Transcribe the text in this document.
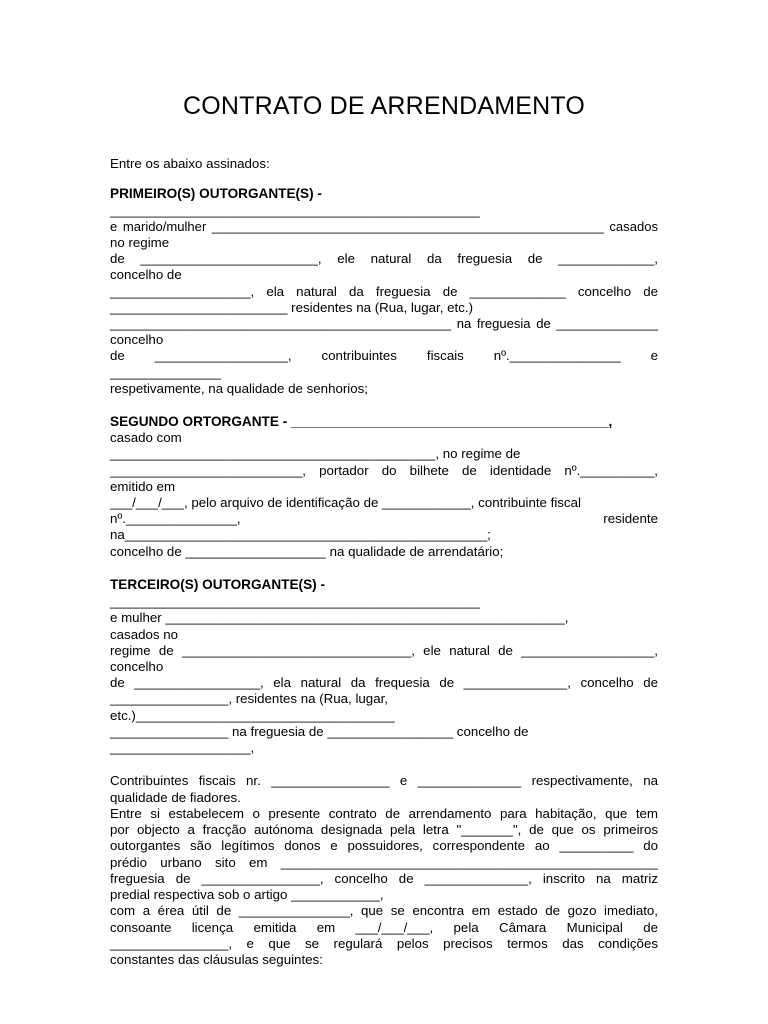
CONTRATO DE ARRENDAMENTO
Entre os abaixo assinados:
PRIMEIRO(S) OUTORGANTE(S) -
__________________________________________________
e marido/mulher ______________________________________________________ casados
no regime
de ________________________, ele natural da freguesia de _____________,
concelho de
___________________, ela natural da freguesia de _____________ concelho de
________________________ residentes na (Rua, lugar, etc.)
_______________________________________________ na freguesia de ______________
concelho
de __________________, contribuintes fiscais nº._______________ e
_______________
respetivamente, na qualidade de senhorios;
SEGUNDO ORTORGANTE - __________________________________________,
casado com
____________________________________________, no regime de
__________________________, portador do bilhete de identidade nº.__________,
emitido em
___/___/___, pelo arquivo de identificação de ____________, contribuinte fiscal
nº._______________, residente
na_________________________________________________;
concelho de ___________________ na qualidade de arrendatário;
TERCEIRO(S) OUTORGANTE(S) -
__________________________________________________
e mulher ______________________________________________________,
casados no
regime de _______________________________, ele natural de __________________,
concelho
de _________________, ela natural da frequesia de ______________, concelho de
________________, residentes na (Rua, lugar,
etc.)___________________________________
________________ na freguesia de _________________ concelho de
___________________,
Contribuintes fiscais nr. ________________ e ______________ respectivamente, na
qualidade de fiadores.
Entre si estabelecem o presente contrato de arrendamento para habitação, que tem
por objecto a fracção autónoma designada pela letra "_______", de que os primeiros
outorgantes são legítimos donos e possuidores, correspondente ao __________ do
prédio urbano sito em ___________________________________________________
freguesia de ________________, concelho de ______________, inscrito na matriz
predial respectiva sob o artigo ____________,
com a érea útil de _______________, que se encontra em estado de gozo imediato,
consoante licença emitida em ___/___/___, pela Câmara Municipal de
________________, e que se regulará pelos precisos termos das condições
constantes das cláusulas seguintes:
